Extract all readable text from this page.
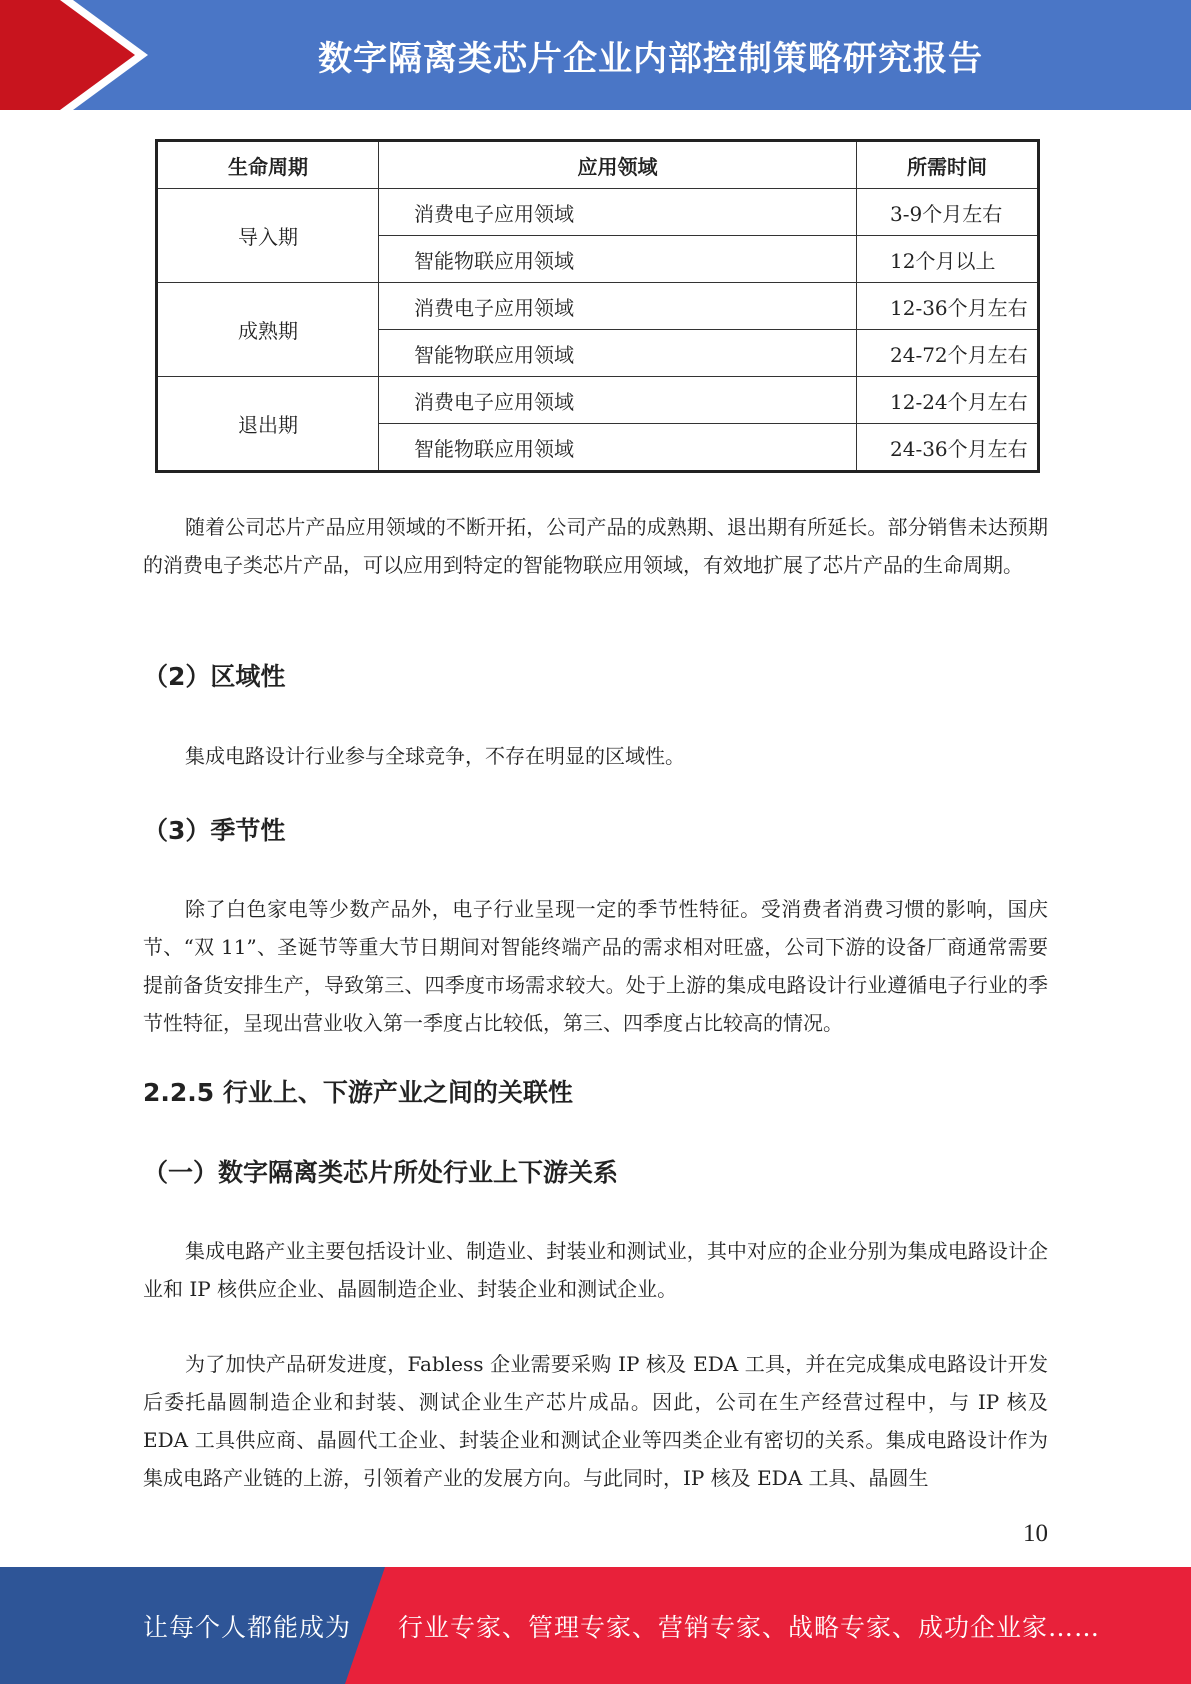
数字隔离类芯片企业内部控制策略研究报告
生命周期	应用领域	所需时间
导入期	消费电子应用领域	3-9个月左右
	智能物联应用领域	12个月以上
成熟期	消费电子应用领域	12-36个月左右
	智能物联应用领域	24-72个月左右
退出期	消费电子应用领域	12-24个月左右
	智能物联应用领域	24-36个月左右

随着公司芯片产品应用领域的不断开拓，公司产品的成熟期、退出期有所延长。部分销售未达预期的消费电子类芯片产品，可以应用到特定的智能物联应用领域，有效地扩展了芯片产品的生命周期。

（2）区域性

集成电路设计行业参与全球竞争，不存在明显的区域性。

（3）季节性

除了白色家电等少数产品外，电子行业呈现一定的季节性特征。受消费者消费习惯的影响，国庆节、“双 11”、圣诞节等重大节日期间对智能终端产品的需求相对旺盛，公司下游的设备厂商通常需要提前备货安排生产，导致第三、四季度市场需求较大。处于上游的集成电路设计行业遵循电子行业的季节性特征，呈现出营业收入第一季度占比较低，第三、四季度占比较高的情况。

2.2.5 行业上、下游产业之间的关联性
（一）数字隔离类芯片所处行业上下游关系

集成电路产业主要包括设计业、制造业、封装业和测试业，其中对应的企业分别为集成电路设计企业和 IP 核供应企业、晶圆制造企业、封装企业和测试企业。

为了加快产品研发进度，Fabless 企业需要采购 IP 核及 EDA 工具，并在完成集成电路设计开发后委托晶圆制造企业和封装、测试企业生产芯片成品。因此，公司在生产经营过程中，与 IP 核及 EDA 工具供应商、晶圆代工企业、封装企业和测试企业等四类企业有密切的关系。集成电路设计作为集成电路产业链的上游，引领着产业的发展方向。与此同时，IP 核及 EDA 工具、晶圆生

10
让每个人都能成为 行业专家、管理专家、营销专家、战略专家、成功企业家……
